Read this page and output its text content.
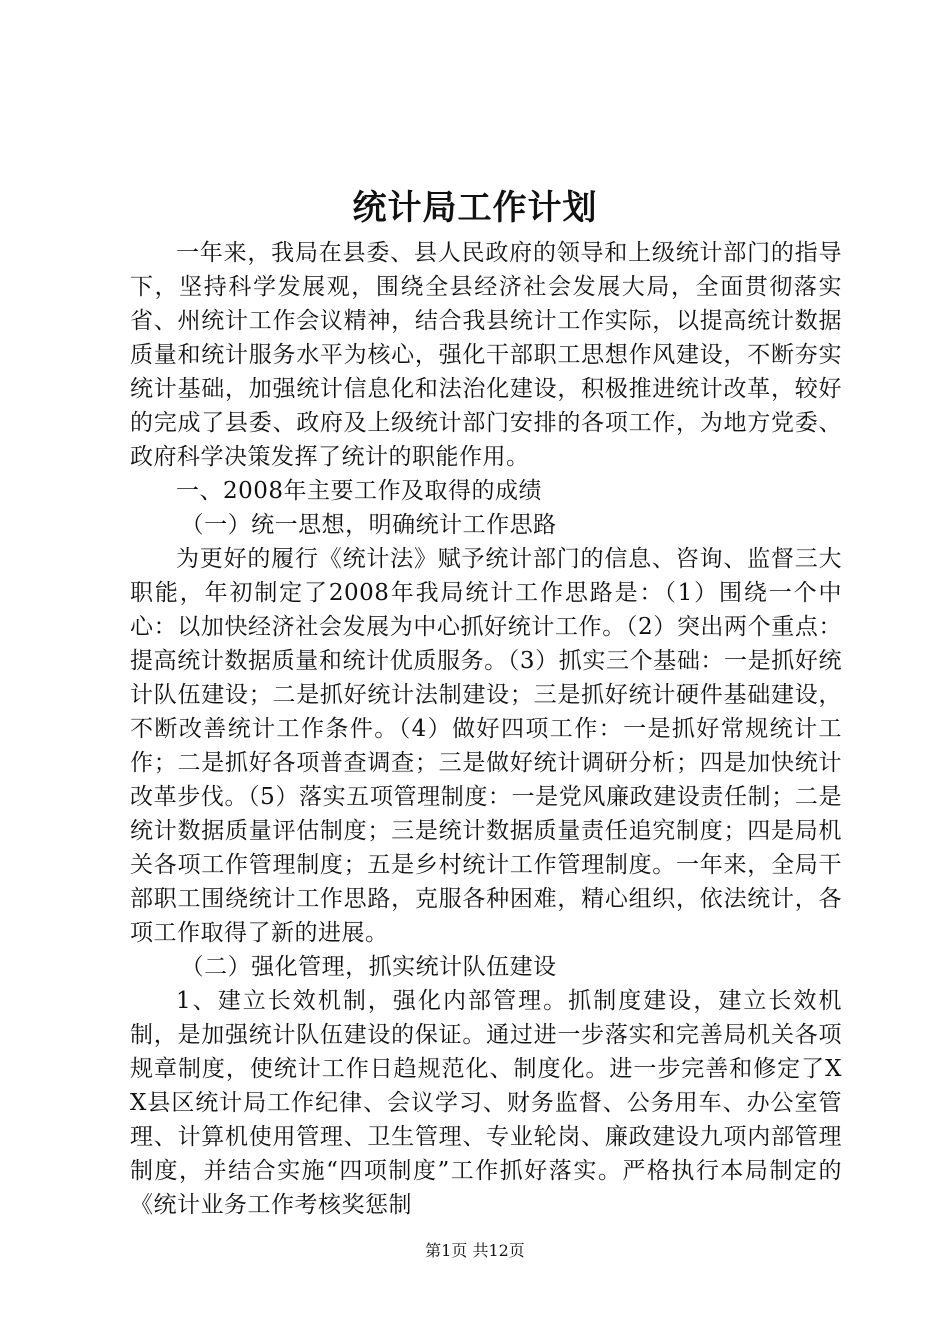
统计局工作计划

一年来，我局在县委、县人民政府的领导和上级统计部门的指导下，坚持科学发展观，围绕全县经济社会发展大局，全面贯彻落实省、州统计工作会议精神，结合我县统计工作实际，以提高统计数据质量和统计服务水平为核心，强化干部职工思想作风建设，不断夯实统计基础，加强统计信息化和法治化建设，积极推进统计改革，较好的完成了县委、政府及上级统计部门安排的各项工作，为地方党委、政府科学决策发挥了统计的职能作用。

一、2008年主要工作及取得的成绩

（一）统一思想，明确统计工作思路

为更好的履行《统计法》赋予统计部门的信息、咨询、监督三大职能，年初制定了2008年我局统计工作思路是：（1）围绕一个中心：以加快经济社会发展为中心抓好统计工作。（2）突出两个重点：提高统计数据质量和统计优质服务。（3）抓实三个基础：一是抓好统计队伍建设；二是抓好统计法制建设；三是抓好统计硬件基础建设，不断改善统计工作条件。（4）做好四项工作：一是抓好常规统计工作；二是抓好各项普查调查；三是做好统计调研分析；四是加快统计改革步伐。（5）落实五项管理制度：一是党风廉政建设责任制；二是统计数据质量评估制度；三是统计数据质量责任追究制度；四是局机关各项工作管理制度；五是乡村统计工作管理制度。一年来，全局干部职工围绕统计工作思路，克服各种困难，精心组织，依法统计，各项工作取得了新的进展。

（二）强化管理，抓实统计队伍建设

1、建立长效机制，强化内部管理。抓制度建设，建立长效机制，是加强统计队伍建设的保证。通过进一步落实和完善局机关各项规章制度，使统计工作日趋规范化、制度化。进一步完善和修定了XX县区统计局工作纪律、会议学习、财务监督、公务用车、办公室管理、计算机使用管理、卫生管理、专业轮岗、廉政建设九项内部管理制度，并结合实施“四项制度”工作抓好落实。严格执行本局制定的《统计业务工作考核奖惩制

第1页 共12页
